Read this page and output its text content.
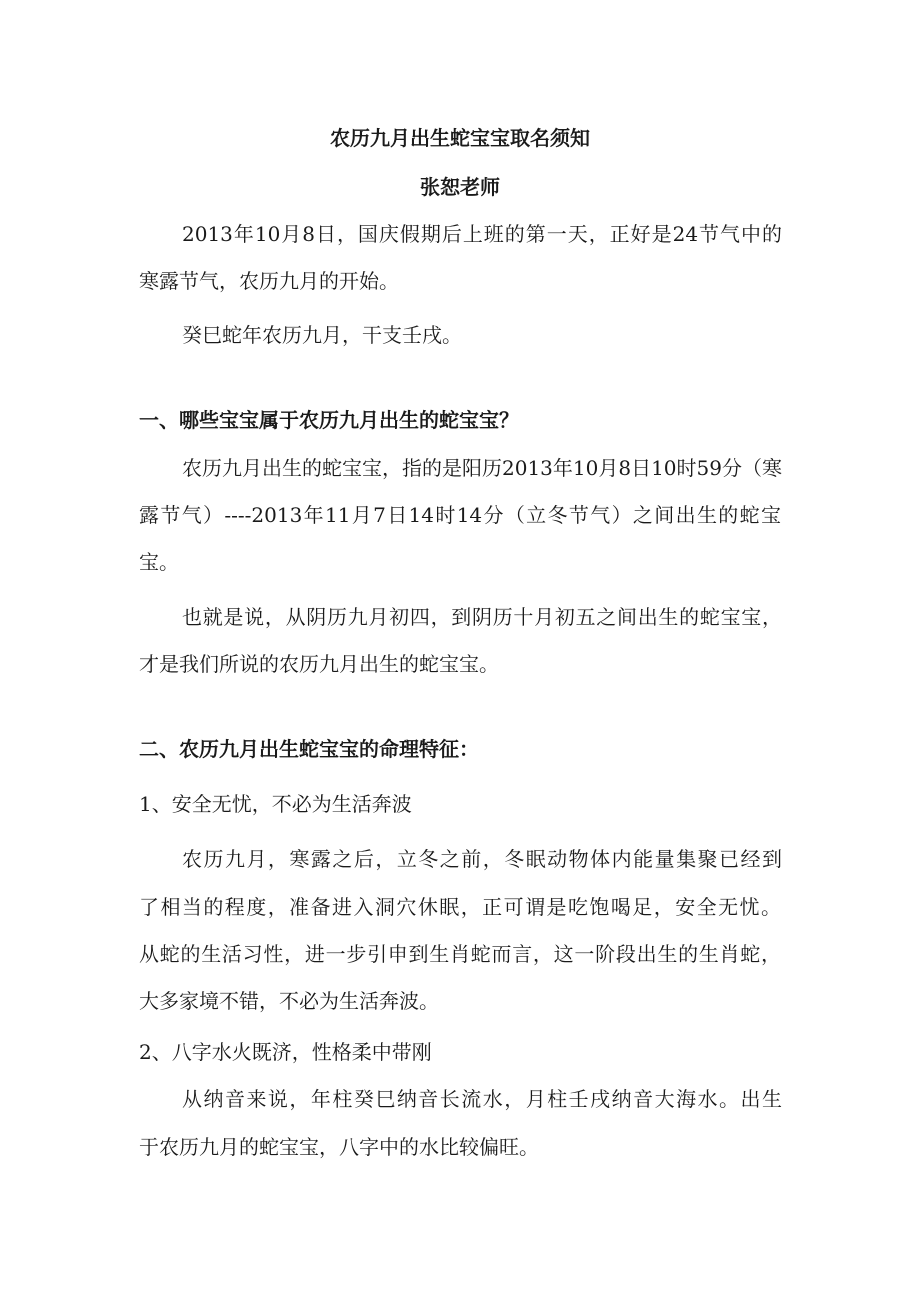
农历九月出生蛇宝宝取名须知
张恕老师
2013年10月8日，国庆假期后上班的第一天，正好是24节气中的
寒露节气，农历九月的开始。
癸巳蛇年农历九月，干支壬戌。
一、哪些宝宝属于农历九月出生的蛇宝宝？
农历九月出生的蛇宝宝，指的是阳历2013年10月8日10时59分（寒
露节气）----2013年11月7日14时14分（立冬节气）之间出生的蛇宝
宝。
也就是说，从阴历九月初四，到阴历十月初五之间出生的蛇宝宝，
才是我们所说的农历九月出生的蛇宝宝。
二、农历九月出生蛇宝宝的命理特征：
1、安全无忧，不必为生活奔波
农历九月，寒露之后，立冬之前，冬眠动物体内能量集聚已经到
了相当的程度，准备进入洞穴休眠，正可谓是吃饱喝足，安全无忧。
从蛇的生活习性，进一步引申到生肖蛇而言，这一阶段出生的生肖蛇，
大多家境不错，不必为生活奔波。
2、八字水火既济，性格柔中带刚
从纳音来说，年柱癸巳纳音长流水，月柱壬戌纳音大海水。出生
于农历九月的蛇宝宝，八字中的水比较偏旺。
